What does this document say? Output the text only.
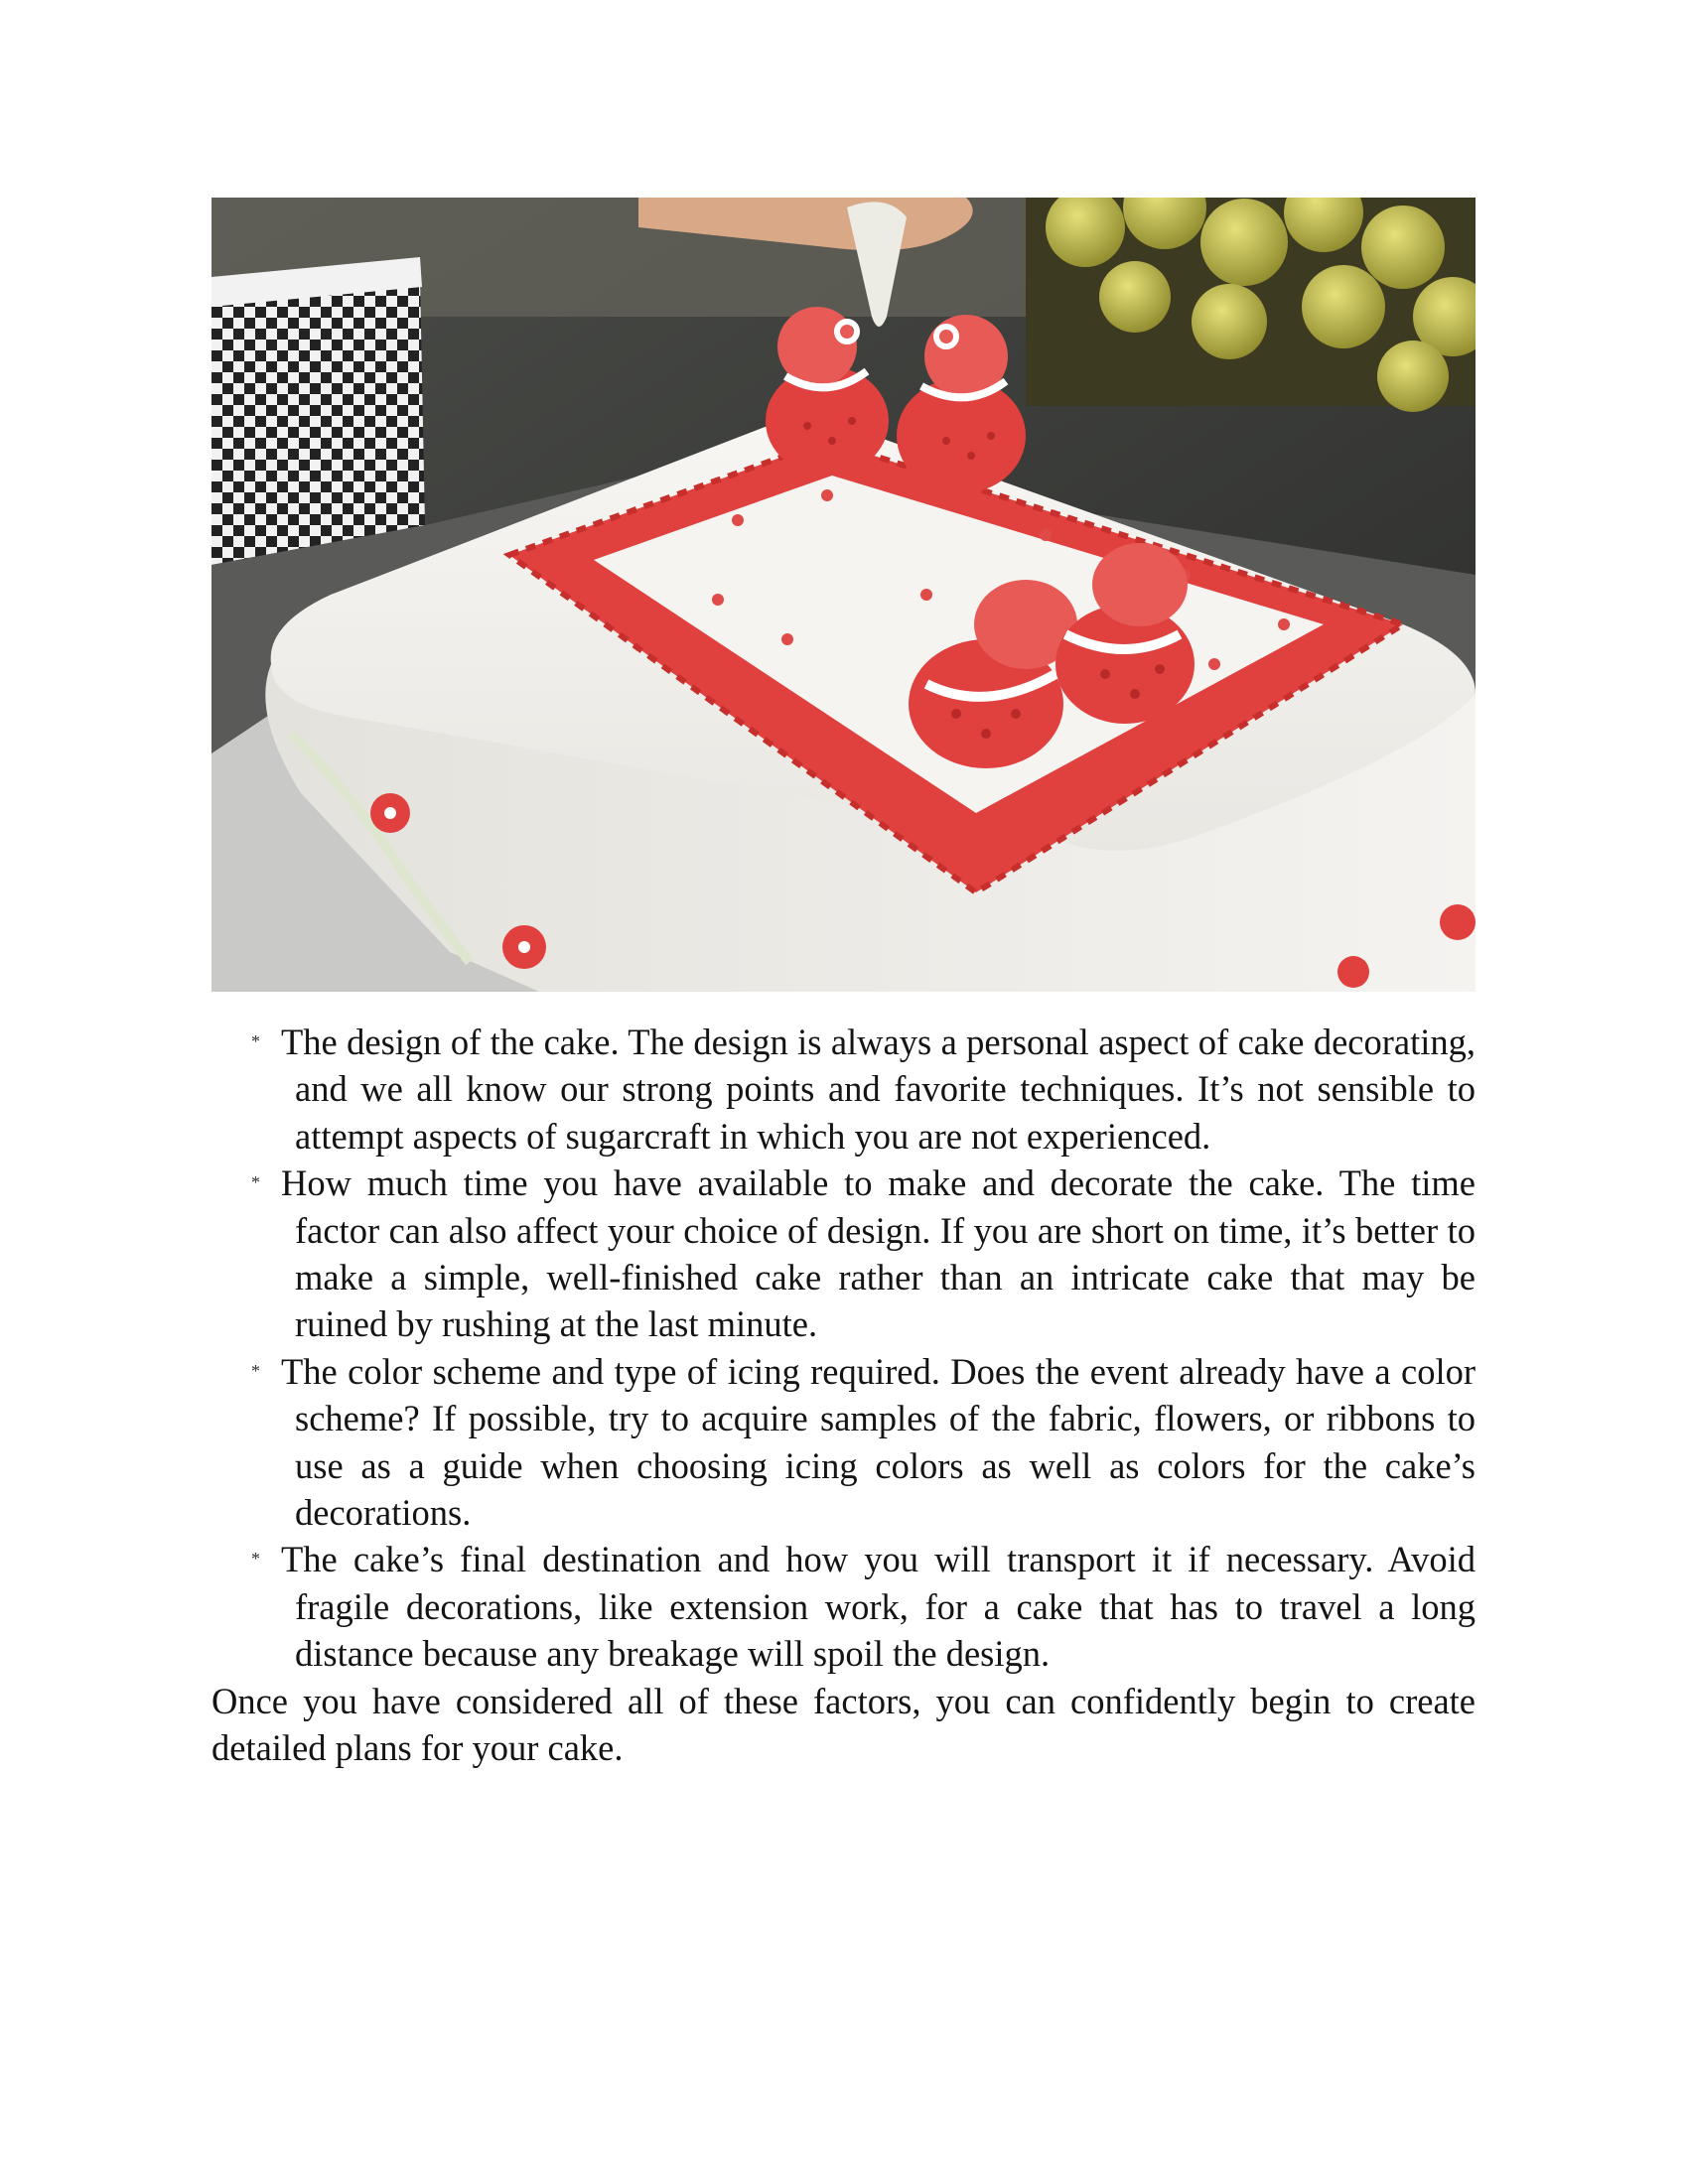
* The design of the cake. The design is always a personal aspect of cake decorating, and we all know our strong points and favorite techniques. It’s not sensible to attempt aspects of sugarcraft in which you are not experienced.
* How much time you have available to make and decorate the cake. The time factor can also affect your choice of design. If you are short on time, it’s better to make a simple, well-finished cake rather than an intricate cake that may be ruined by rushing at the last minute.
* The color scheme and type of icing required. Does the event already have a color scheme? If possible, try to acquire samples of the fabric, flowers, or ribbons to use as a guide when choosing icing colors as well as colors for the cake’s decorations.
* The cake’s final destination and how you will transport it if necessary. Avoid fragile decorations, like extension work, for a cake that has to travel a long distance because any breakage will spoil the design.

Once you have considered all of these factors, you can confidently begin to create detailed plans for your cake.
